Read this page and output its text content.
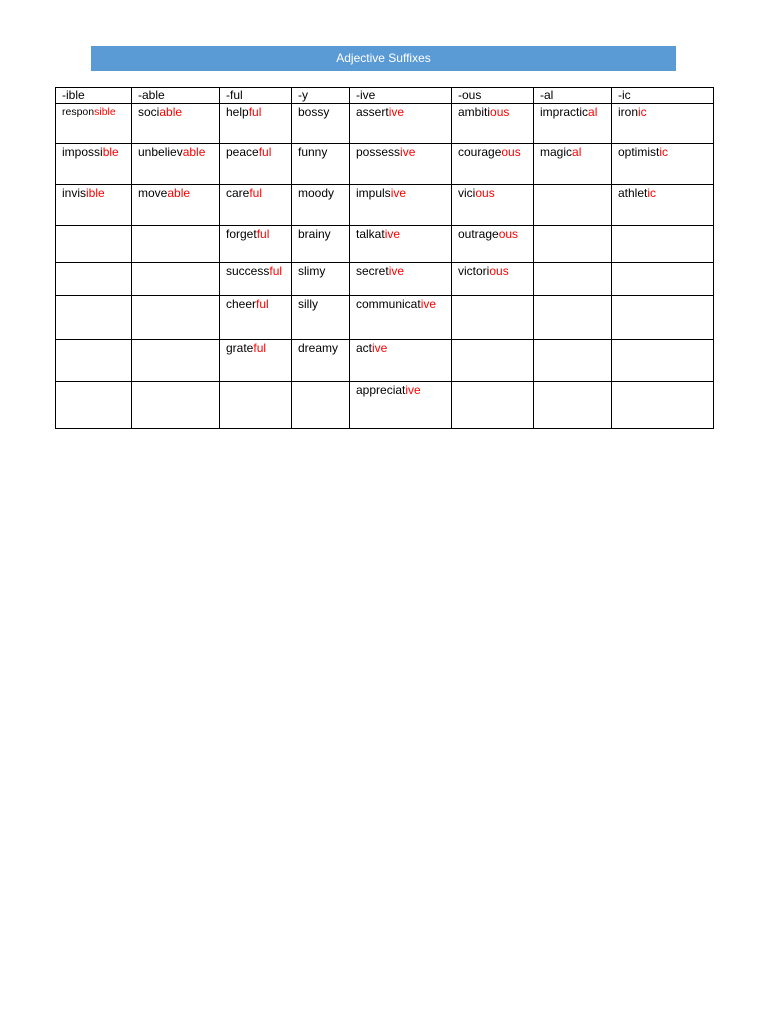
Adjective Suffixes
-ible	-able	-ful	-y	-ive	-ous	-al	-ic
responsible	sociable	helpful	bossy	assertive	ambitious	impractical	ironic
impossible	unbelievable	peaceful	funny	possessive	courageous	magical	optimistic
invisible	moveable	careful	moody	impulsive	vicious		athletic
		forgetful	brainy	talkative	outrageous		
		successful	slimy	secretive	victorious		
		cheerful	silly	communicative			
		grateful	dreamy	active			
				appreciative			
